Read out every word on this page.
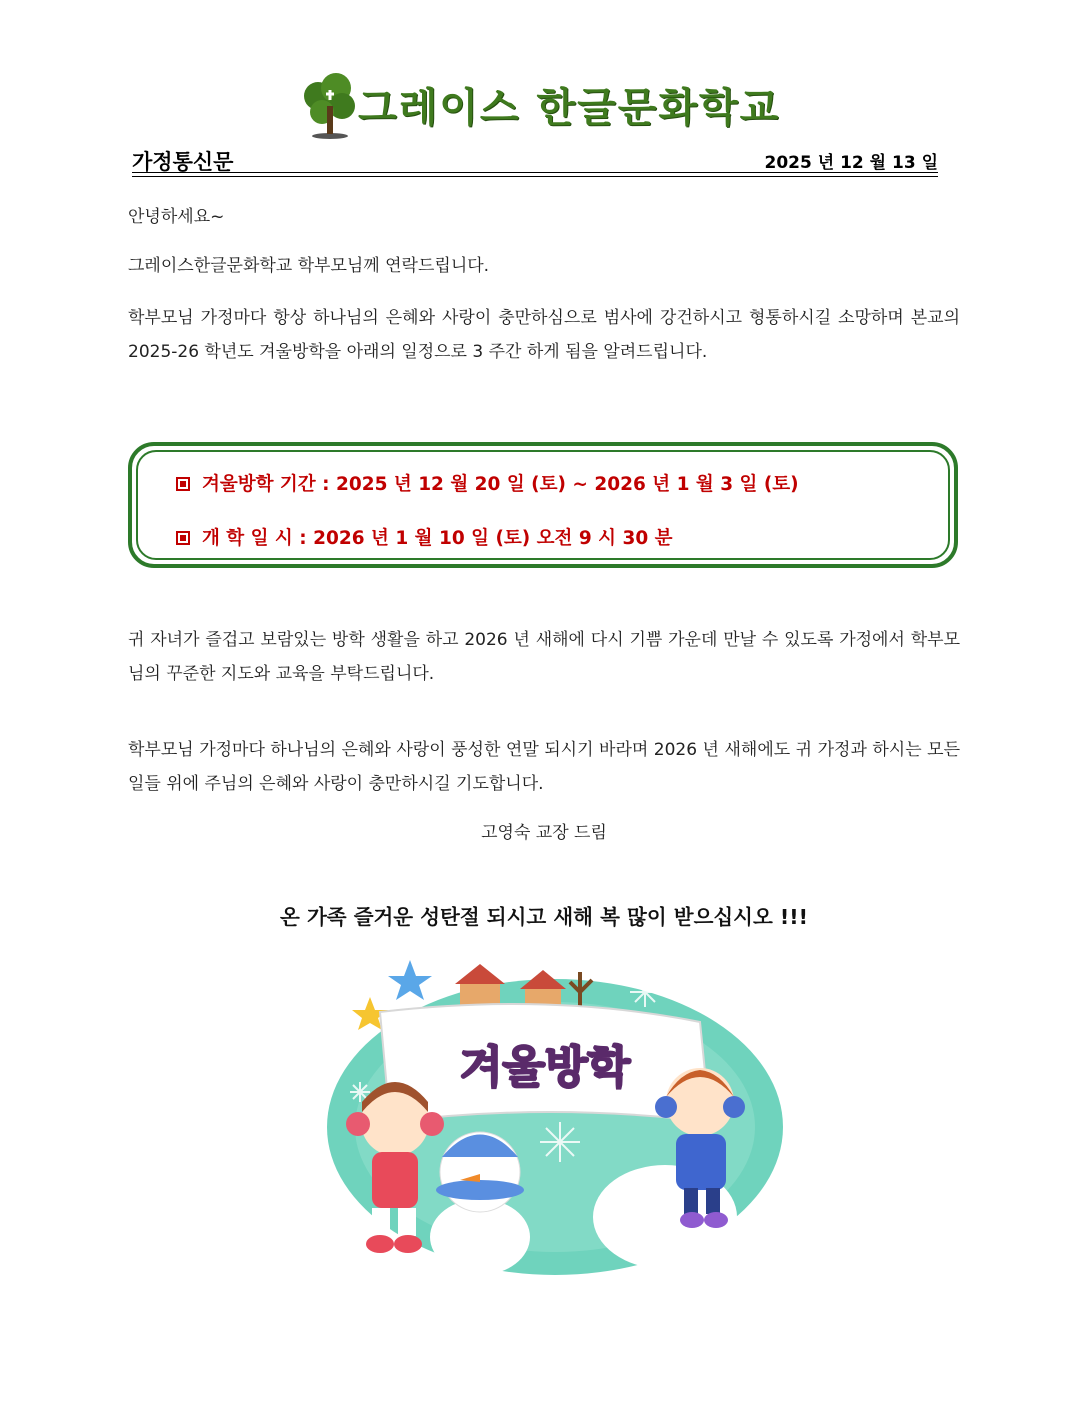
그레이스 한글문화학교
가정통신문	2025 년 12 월 13 일
안녕하세요~
그레이스한글문화학교 학부모님께 연락드립니다.
학부모님 가정마다 항상 하나님의 은혜와 사랑이 충만하심으로 범사에 강건하시고 형통하시길 소망하며 본교의 2025-26 학년도 겨울방학을 아래의 일정으로 3 주간 하게 됨을 알려드립니다.
겨울방학 기간 : 2025 년 12 월 20 일 (토) ~ 2026 년 1 월 3 일 (토)
개 학 일 시 : 2026 년 1 월 10 일 (토) 오전 9 시 30 분
귀 자녀가 즐겁고 보람있는 방학 생활을 하고 2026 년 새해에 다시 기쁨 가운데 만날 수 있도록 가정에서 학부모님의 꾸준한 지도와 교육을 부탁드립니다.
학부모님 가정마다 하나님의 은혜와 사랑이 풍성한 연말 되시기 바라며 2026 년 새해에도 귀 가정과 하시는 모든 일들 위에 주님의 은혜와 사랑이 충만하시길 기도합니다.
고영숙 교장 드림
온 가족 즐거운 성탄절 되시고 새해 복 많이 받으십시오 !!!
겨울방학
